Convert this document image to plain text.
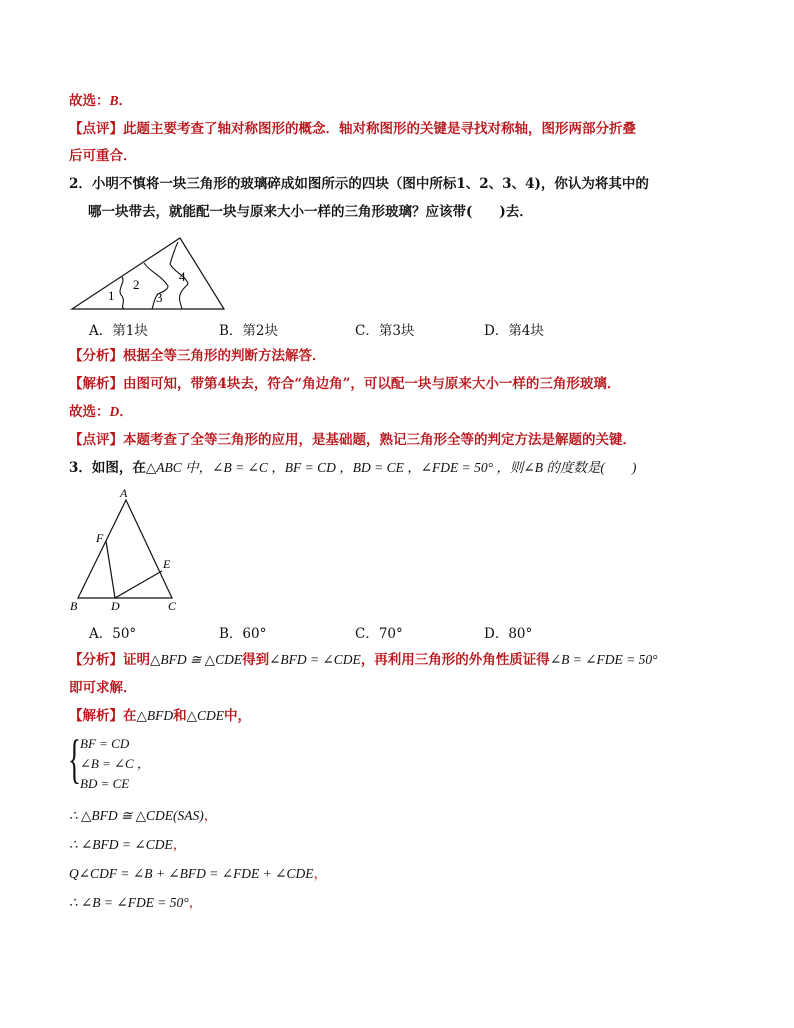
故选：B．
【点评】此题主要考查了轴对称图形的概念．轴对称图形的关键是寻找对称轴，图形两部分折叠
后可重合．
2．小明不慎将一块三角形的玻璃碎成如图所示的四块（图中所标1、2、3、4)，你认为将其中的
哪一块带去，就能配一块与原来大小一样的三角形玻璃？应该带(　　)去．
1
2
3
4
A．第1块	B．第2块	C．第3块	D．第4块
【分析】根据全等三角形的判断方法解答．
【解析】由图可知，带第4块去，符合“角边角”，可以配一块与原来大小一样的三角形玻璃．
故选：D．
【点评】本题考查了全等三角形的应用，是基础题，熟记三角形全等的判定方法是解题的关键．
3．如图，在△ABC 中，∠B = ∠C ，BF = CD ，BD = CE ，∠FDE = 50° ，则∠B 的度数是(　　)
A
F
E
B	D	C
A．50°	B．60°	C．70°	D．80°
【分析】证明△BFD ≅ △CDE得到∠BFD = ∠CDE，再利用三角形的外角性质证得∠B = ∠FDE = 50°
即可求解．
【解析】在△BFD和△CDE中，
{ BF = CD
∠B = ∠C ，
BD = CE
∴ △BFD ≅ △CDE(SAS)，
∴ ∠BFD = ∠CDE，
Q∠CDF = ∠B + ∠BFD = ∠FDE + ∠CDE，
∴ ∠B = ∠FDE = 50°，
